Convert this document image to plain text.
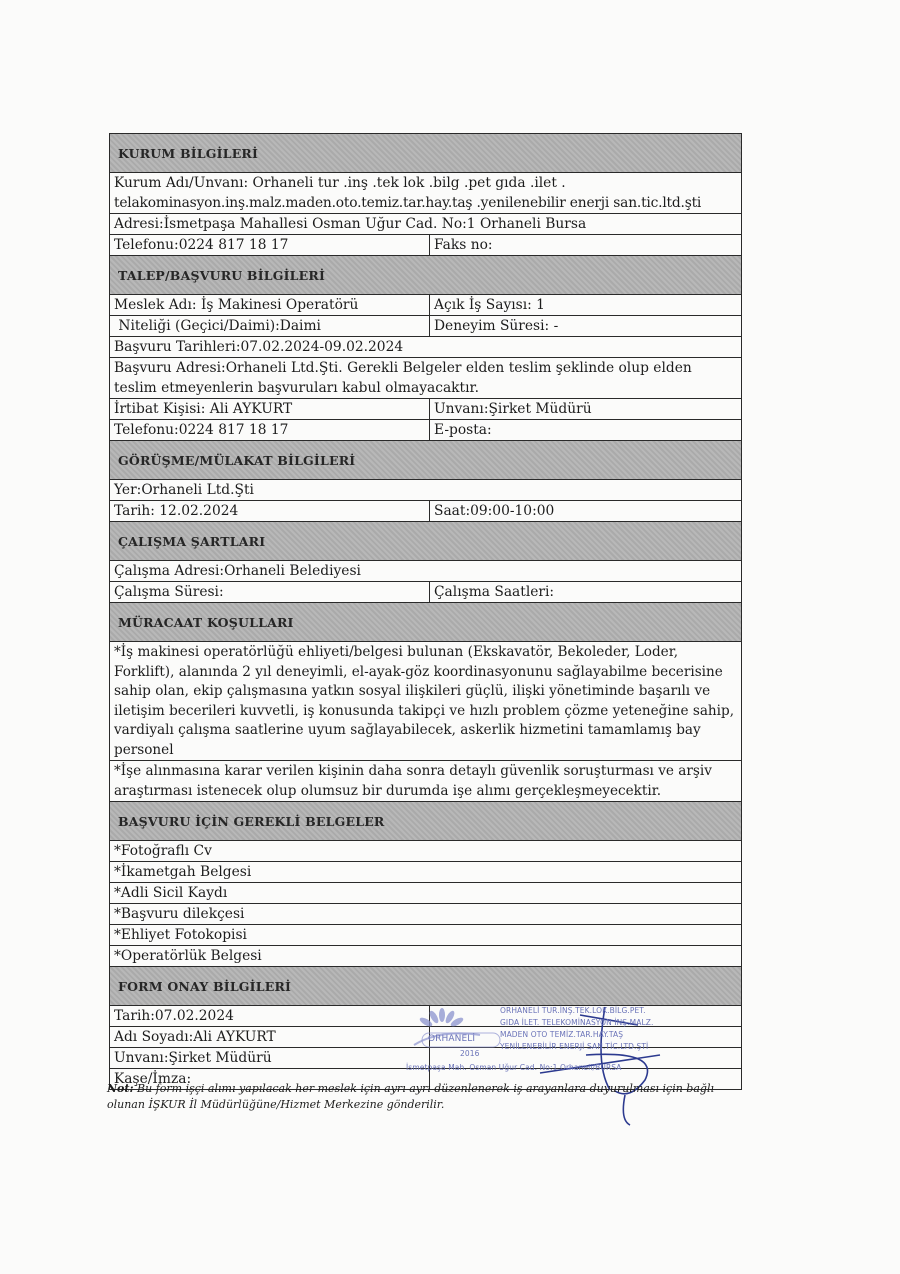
KURUM BİLGİLERİ
Kurum Adı/Unvanı: Orhaneli tur .inş .tek lok .bilg .pet gıda .ilet .
telakominasyon.inş.malz.maden.oto.temiz.tar.hay.taş .yenilenebilir enerji san.tic.ltd.şti
Adresi:İsmetpaşa Mahallesi Osman Uğur Cad. No:1 Orhaneli Bursa
Telefonu:0224 817 18 17	Faks no:
TALEP/BAŞVURU BİLGİLERİ
Meslek Adı: İş Makinesi Operatörü	Açık İş Sayısı: 1
Niteliği (Geçici/Daimi):Daimi	Deneyim Süresi: -
Başvuru Tarihleri:07.02.2024-09.02.2024
Başvuru Adresi:Orhaneli Ltd.Şti. Gerekli Belgeler elden teslim şeklinde olup elden
teslim etmeyenlerin başvuruları kabul olmayacaktır.
İrtibat Kişisi: Ali AYKURT	Unvanı:Şirket Müdürü
Telefonu:0224 817 18 17	E-posta:
GÖRÜŞME/MÜLAKAT BİLGİLERİ
Yer:Orhaneli Ltd.Şti
Tarih: 12.02.2024	Saat:09:00-10:00
ÇALIŞMA ŞARTLARI
Çalışma Adresi:Orhaneli Belediyesi
Çalışma Süresi:	Çalışma Saatleri:
MÜRACAAT KOŞULLARI
*İş makinesi operatörlüğü ehliyeti/belgesi bulunan (Ekskavatör, Bekoleder, Loder, Forklift), alanında 2 yıl deneyimli, el-ayak-göz koordinasyonunu sağlayabilme becerisine sahip olan, ekip çalışmasına yatkın sosyal ilişkileri güçlü, ilişki yönetiminde başarılı ve iletişim becerileri kuvvetli, iş konusunda takipçi ve hızlı problem çözme yeteneğine sahip, vardiyalı çalışma saatlerine uyum sağlayabilecek, askerlik hizmetini tamamlamış bay personel
*İşe alınmasına karar verilen kişinin daha sonra detaylı güvenlik soruşturması ve arşiv araştırması istenecek olup olumsuz bir durumda işe alımı gerçekleşmeyecektir.
BAŞVURU İÇİN GEREKLİ BELGELER
*Fotoğraflı Cv
*İkametgah Belgesi
*Adli Sicil Kaydı
*Başvuru dilekçesi
*Ehliyet Fotokopisi
*Operatörlük Belgesi
FORM ONAY BİLGİLERİ
Tarih:07.02.2024
Adı Soyadı:Ali AYKURT
Unvanı:Şirket Müdürü
Kaşe/İmza:
ORHANELİ TUR.İNŞ.TEK.LOK.BİLG.PET.
GIDA İLET. TELEKOMİNASYON İNŞ.MALZ.
MADEN OTO TEMİZ.TAR.HAY.TAŞ
YENİLENEBİLİR ENERJİ SAN.TİC.LTD.ŞTİ
ORHANELİ
2016
İsmetpaşa Mah. Osman Uğur Cad. No:1 Orhaneli/BURSA
Not: Bu form işçi alımı yapılacak her meslek için ayrı ayrı düzenlenerek iş arayanlara duyurulması için bağlı olunan İŞKUR İl Müdürlüğüne/Hizmet Merkezine gönderilir.
